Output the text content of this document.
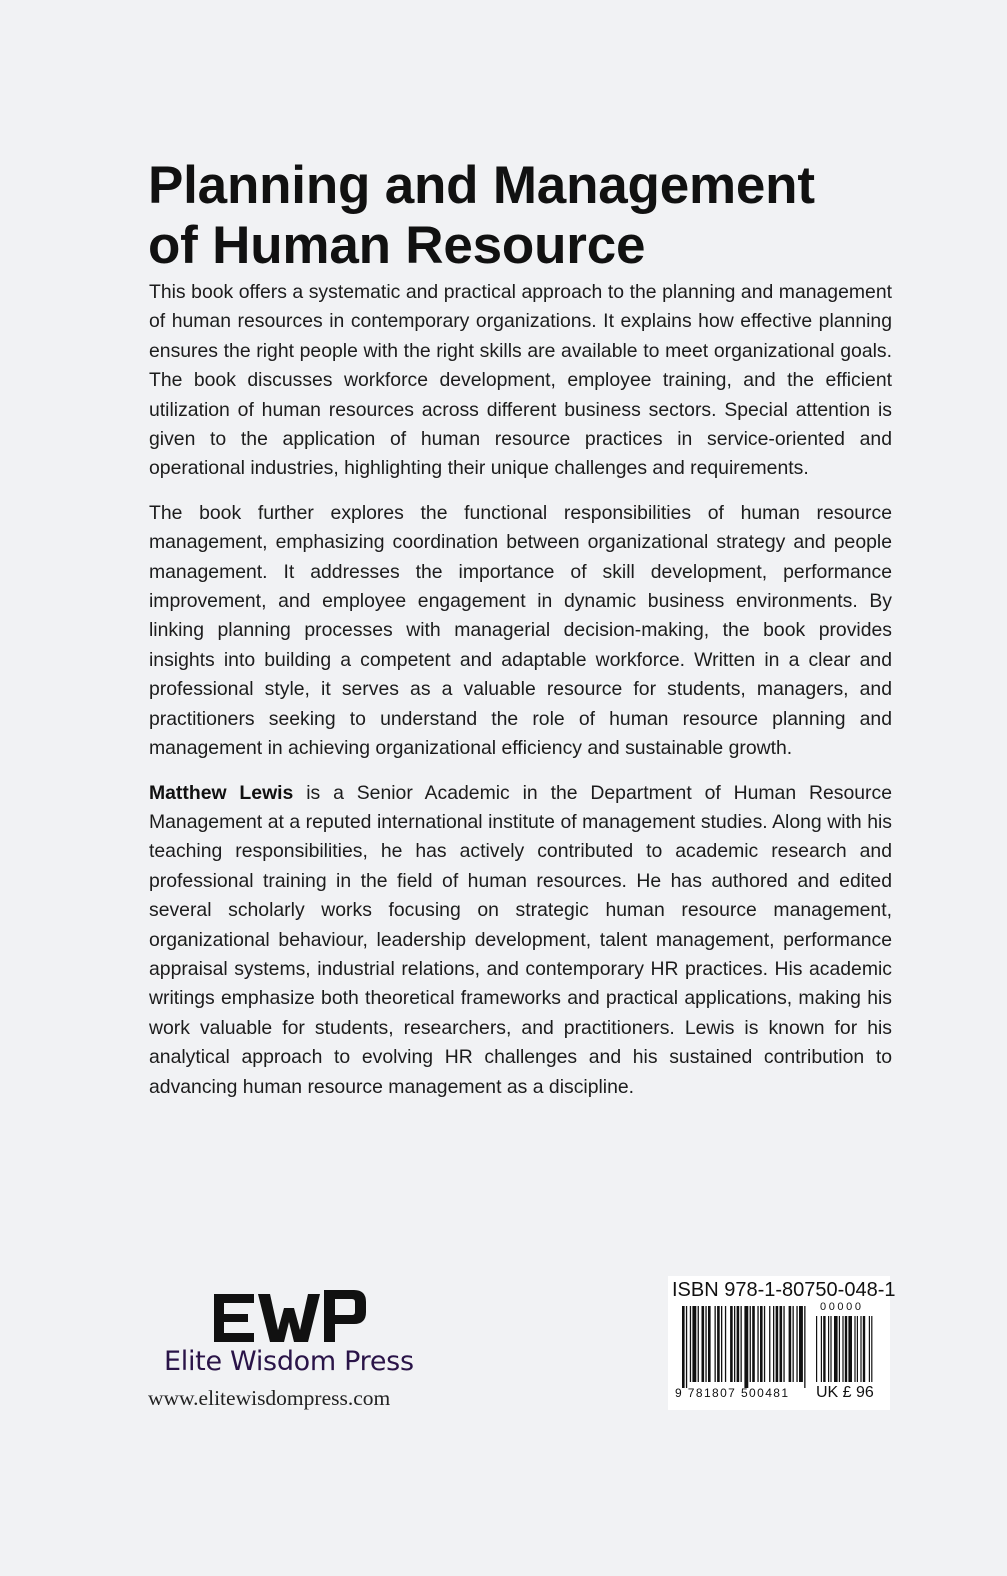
Planning and Management
of Human Resource

This book offers a systematic and practical approach to the planning and management of human resources in contemporary organizations. It explains how effective planning ensures the right people with the right skills are available to meet organizational goals. The book discusses workforce development, employee training, and the efficient utilization of human resources across different business sectors. Special attention is given to the application of human resource practices in service-oriented and operational industries, highlighting their unique challenges and requirements.

The book further explores the functional responsibilities of human resource management, emphasizing coordination between organizational strategy and people management. It addresses the importance of skill development, performance improvement, and employee engagement in dynamic business environments. By linking planning processes with managerial decision-making, the book provides insights into building a competent and adaptable workforce. Written in a clear and professional style, it serves as a valuable resource for students, managers, and practitioners seeking to understand the role of human resource planning and management in achieving organizational efficiency and sustainable growth.

Matthew Lewis is a Senior Academic in the Department of Human Resource Management at a reputed international institute of management studies. Along with his teaching responsibilities, he has actively contributed to academic research and professional training in the field of human resources. He has authored and edited several scholarly works focusing on strategic human resource management, organizational behaviour, leadership development, talent management, performance appraisal systems, industrial relations, and contemporary HR practices. His academic writings emphasize both theoretical frameworks and practical applications, making his work valuable for students, researchers, and practitioners. Lewis is known for his analytical approach to evolving HR challenges and his sustained contribution to advancing human resource management as a discipline.

Elite Wisdom Press
www.elitewisdompress.com
ISBN 978-1-80750-048-1
00000
9 781807 500481 UK £ 96
